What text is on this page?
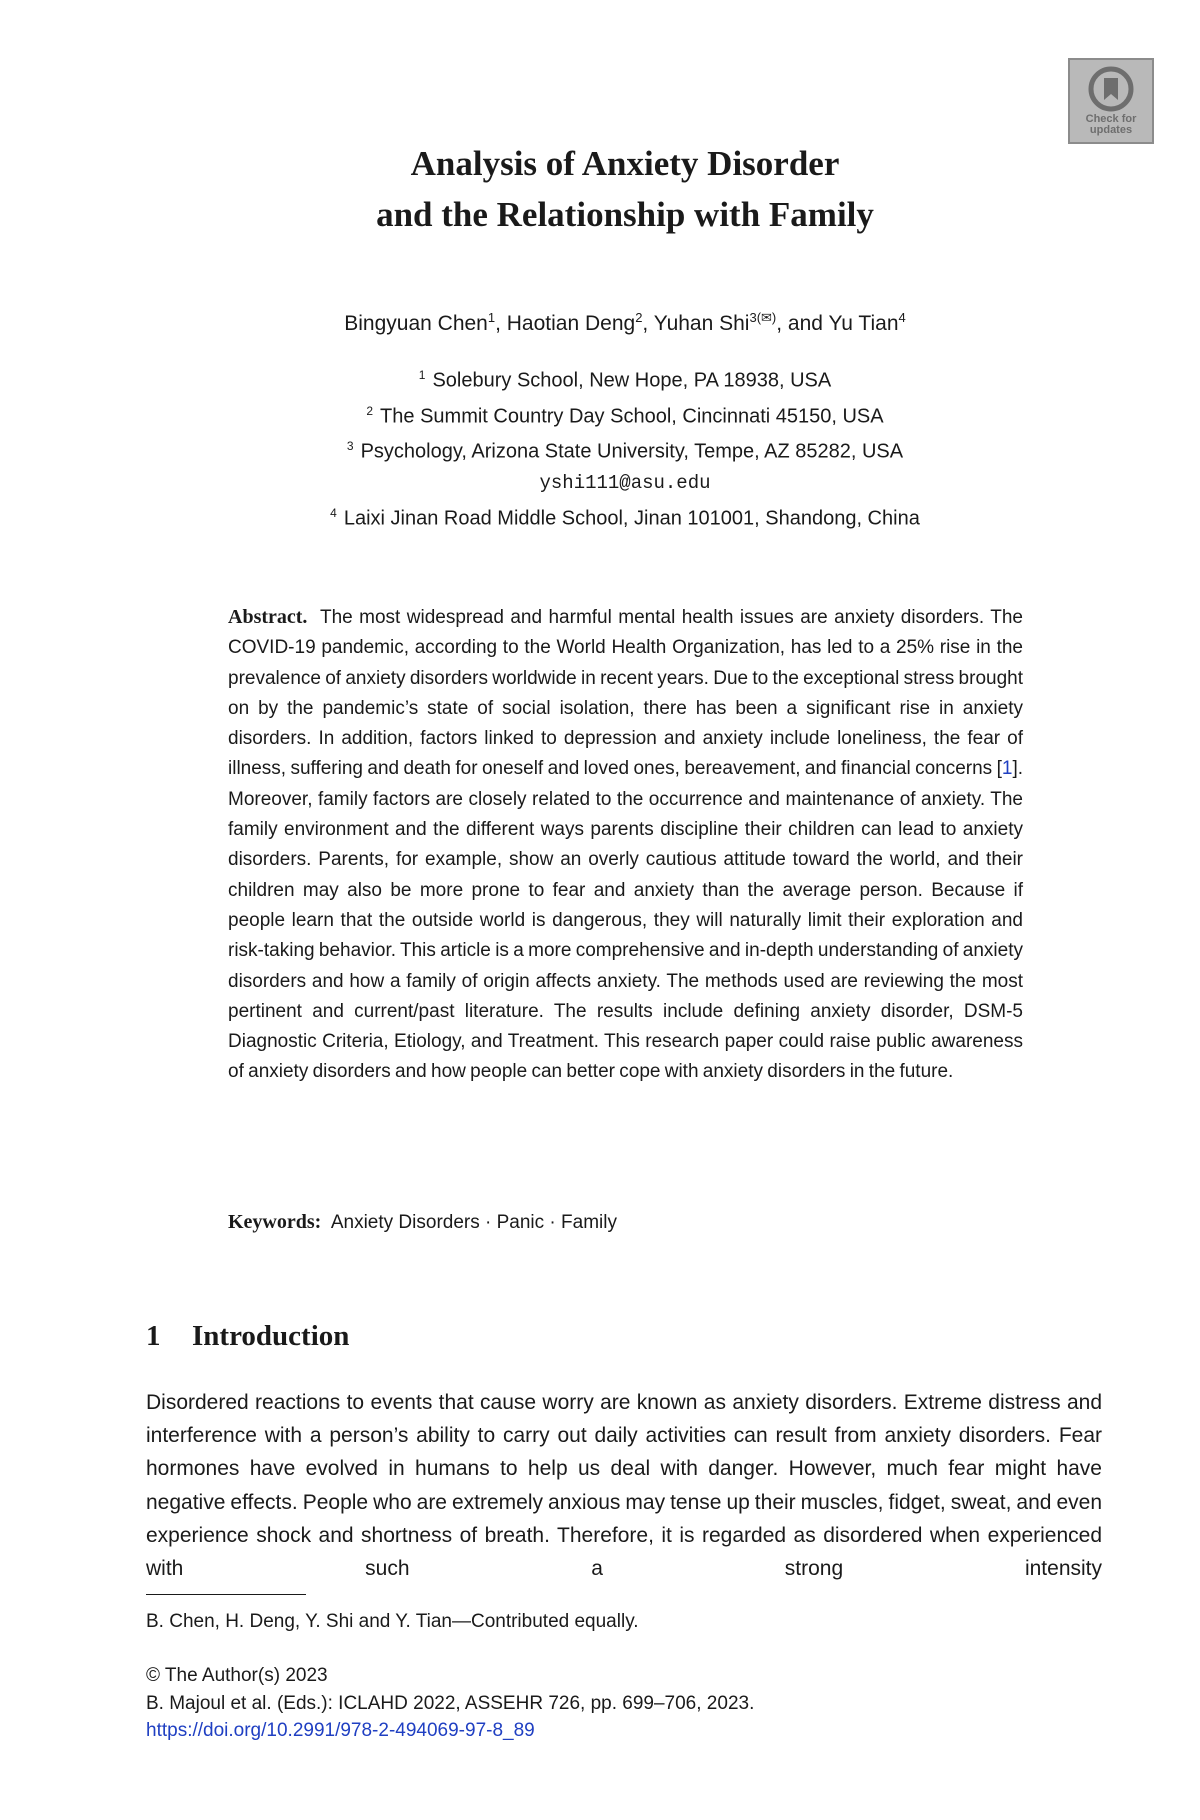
Check for updates
Analysis of Anxiety Disorder
and the Relationship with Family
Bingyuan Chen$^1$, Haotian Deng$^2$, Yuhan Shi$^{3(✉)}$, and Yu Tian$^4$
$^1$ Solebury School, New Hope, PA 18938, USA
$^2$ The Summit Country Day School, Cincinnati 45150, USA
$^3$ Psychology, Arizona State University, Tempe, AZ 85282, USA
yshi111@asu.edu
$^4$ Laixi Jinan Road Middle School, Jinan 101001, Shandong, China
Abstract. The most widespread and harmful mental health issues are anxiety disorders. The COVID-19 pandemic, according to the World Health Organization, has led to a 25% rise in the prevalence of anxiety disorders worldwide in recent years. Due to the exceptional stress brought on by the pandemic’s state of social isolation, there has been a significant rise in anxiety disorders. In addition, factors linked to depression and anxiety include loneliness, the fear of illness, suffering and death for oneself and loved ones, bereavement, and financial concerns [1]. Moreover, family factors are closely related to the occurrence and maintenance of anxiety. The family environment and the different ways parents discipline their children can lead to anxiety disorders. Parents, for example, show an overly cautious attitude toward the world, and their children may also be more prone to fear and anxiety than the average person. Because if people learn that the outside world is dangerous, they will naturally limit their exploration and risk-taking behavior. This article is a more comprehensive and in-depth understanding of anxiety disorders and how a family of origin affects anxiety. The methods used are reviewing the most pertinent and current/past literature. The results include defining anxiety disorder, DSM-5 Diagnostic Criteria, Etiology, and Treatment. This research paper could raise public awareness of anxiety disorders and how people can better cope with anxiety disorders in the future.
Keywords: Anxiety Disorders · Panic · Family
1 Introduction
Disordered reactions to events that cause worry are known as anxiety disorders. Extreme distress and interference with a person’s ability to carry out daily activities can result from anxiety disorders. Fear hormones have evolved in humans to help us deal with danger. However, much fear might have negative effects. People who are extremely anxious may tense up their muscles, fidget, sweat, and even experience shock and shortness of breath. Therefore, it is regarded as disordered when experienced with such a strong intensity
B. Chen, H. Deng, Y. Shi and Y. Tian—Contributed equally.
© The Author(s) 2023
B. Majoul et al. (Eds.): ICLAHD 2022, ASSEHR 726, pp. 699–706, 2023.
https://doi.org/10.2991/978-2-494069-97-8_89
